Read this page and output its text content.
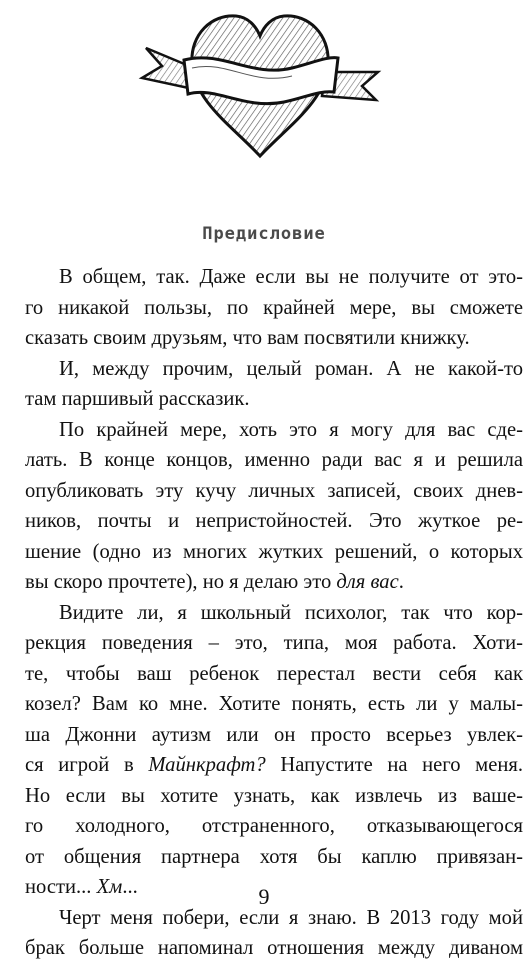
Предисловие
В общем, так. Даже если вы не получите от это-
го никакой пользы, по крайней мере, вы сможете
сказать своим друзьям, что вам посвятили книжку.
И, между прочим, целый роман. А не какой-то
там паршивый рассказик.
По крайней мере, хоть это я могу для вас сде-
лать. В конце концов, именно ради вас я и решила
опубликовать эту кучу личных записей, своих днев-
ников, почты и непристойностей. Это жуткое ре-
шение (одно из многих жутких решений, о которых
вы скоро прочтете), но я делаю это для вас.
Видите ли, я школьный психолог, так что кор-
рекция поведения – это, типа, моя работа. Хоти-
те, чтобы ваш ребенок перестал вести себя как
козел? Вам ко мне. Хотите понять, есть ли у малы-
ша Джонни аутизм или он просто всерьез увлек-
ся игрой в Майнкрафт? Напустите на него меня.
Но если вы хотите узнать, как извлечь из ваше-
го холодного, отстраненного, отказывающегося
от общения партнера хотя бы каплю привязан-
ности... Хм...
Черт меня побери, если я знаю. В 2013 году мой
брак больше напоминал отношения между диваном
9
